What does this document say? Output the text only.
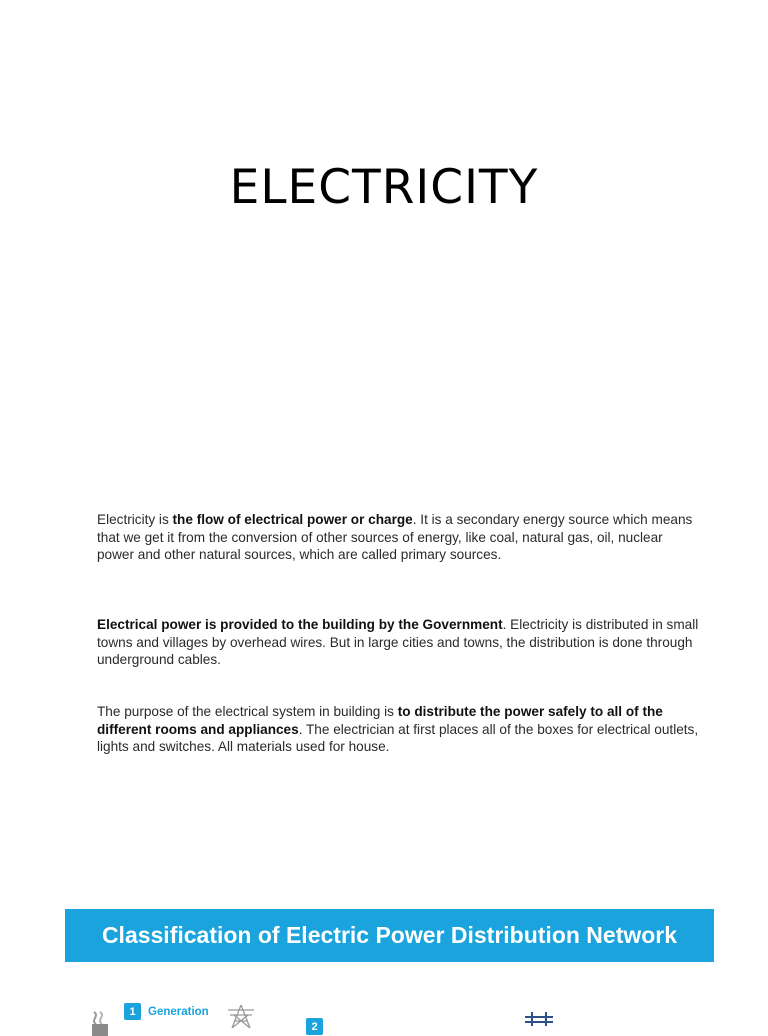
ELECTRICITY

Electricity is the flow of electrical power or charge. It is a secondary energy source which means that we get it from the conversion of other sources of energy, like coal, natural gas, oil, nuclear power and other natural sources, which are called primary sources.

Electrical power is provided to the building by the Government. Electricity is distributed in small towns and villages by overhead wires. But in large cities and towns, the distribution is done through underground cables.

The purpose of the electrical system in building is to distribute the power safely to all of the different rooms and appliances. The electrician at first places all of the boxes for electrical outlets, lights and switches. All materials used for house.

Classification of Electric Power Distribution Network
1	Generation
2
